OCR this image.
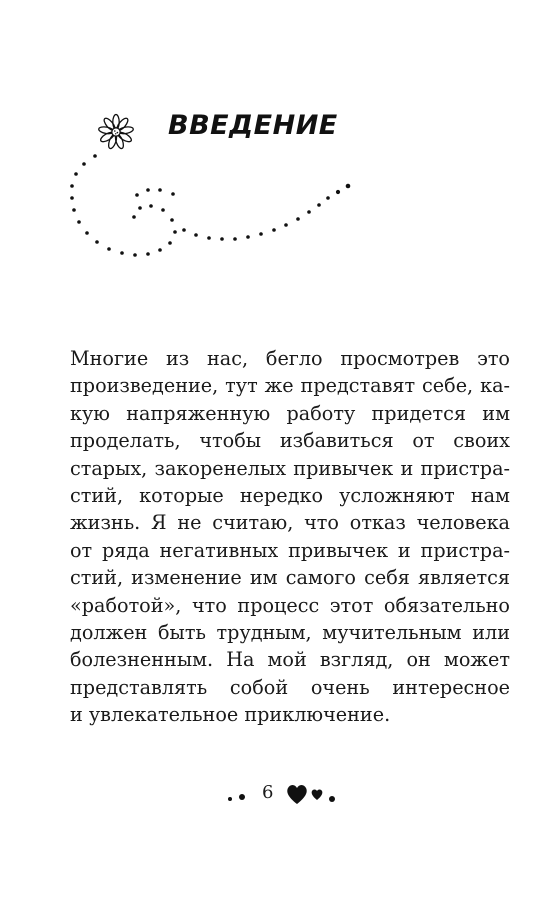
ВВЕДЕНИЕ
Многие из нас, бегло просмотрев это
произведение, тут же представят себе, ка-
кую напряженную работу придется им
проделать, чтобы избавиться от своих
старых, закоренелых привычек и пристра-
стий, которые нередко усложняют нам
жизнь. Я не считаю, что отказ человека
от ряда негативных привычек и пристра-
стий, изменение им самого себя является
«работой», что процесс этот обязательно
должен быть трудным, мучительным или
болезненным. На мой взгляд, он может
представлять собой очень интересное
и увлекательное приключение.
6
